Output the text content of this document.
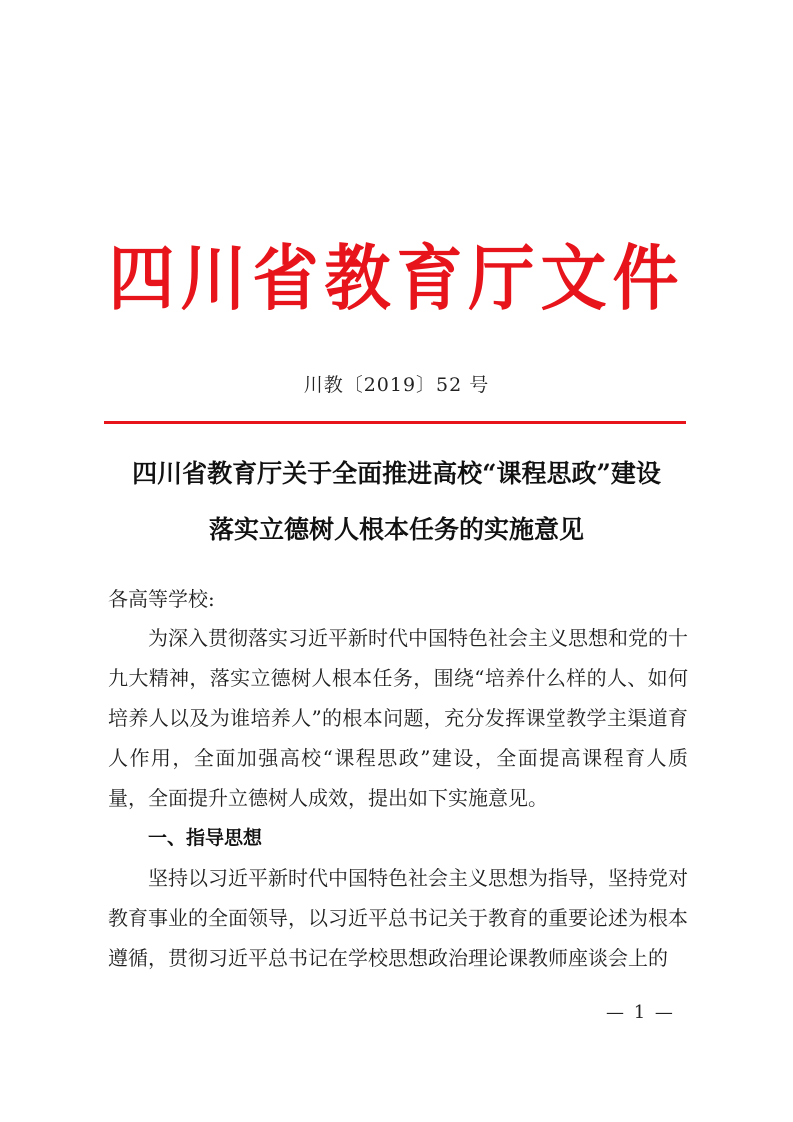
四川省教育厅文件
川教〔2019〕52 号
四川省教育厅关于全面推进高校“课程思政”建设
落实立德树人根本任务的实施意见
各高等学校:

为深入贯彻落实习近平新时代中国特色社会主义思想和党的十九大精神，落实立德树人根本任务，围绕“培养什么样的人、如何培养人以及为谁培养人”的根本问题，充分发挥课堂教学主渠道育人作用，全面加强高校“课程思政”建设，全面提高课程育人质量，全面提升立德树人成效，提出如下实施意见。

一、指导思想

坚持以习近平新时代中国特色社会主义思想为指导，坚持党对教育事业的全面领导，以习近平总书记关于教育的重要论述为根本遵循，贯彻习近平总书记在学校思想政治理论课教师座谈会上的

— 1 —
